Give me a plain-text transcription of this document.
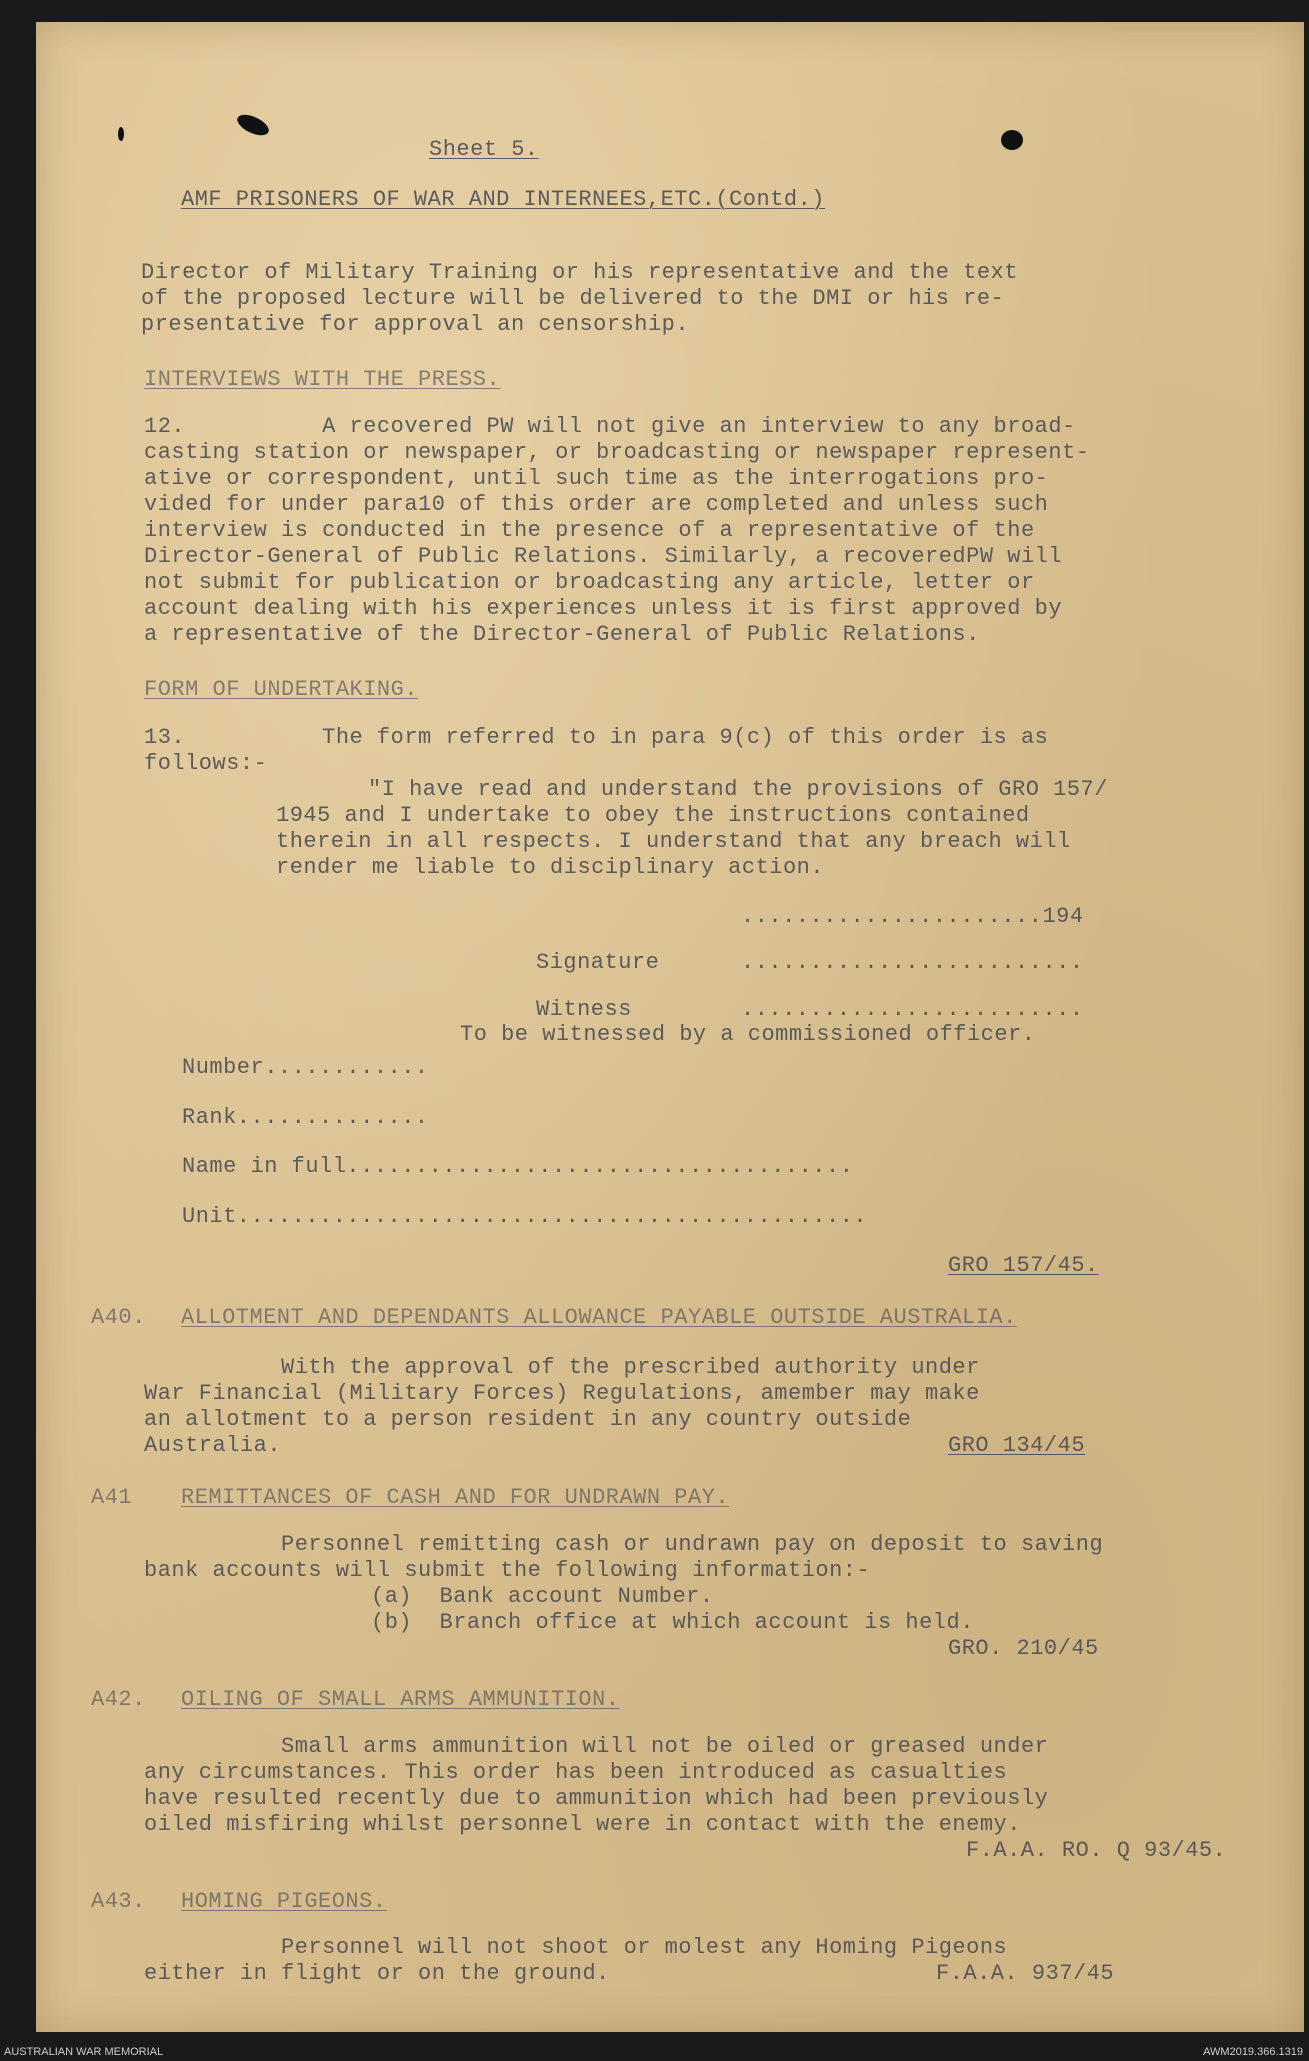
Sheet 5.
AMF PRISONERS OF WAR AND INTERNEES,ETC.(Contd.)
Director of Military Training or his representative and the text
of the proposed lecture will be delivered to the DMI or his re-
presentative for approval an censorship.
INTERVIEWS WITH THE PRESS.
12.          A recovered PW will not give an interview to any broad-
casting station or newspaper, or broadcasting or newspaper represent-
ative or correspondent, until such time as the interrogations pro-
vided for under para10 of this order are completed and unless such
interview is conducted in the presence of a representative of the
Director-General of Public Relations. Similarly, a recoveredPW will
not submit for publication or broadcasting any article, letter or
account dealing with his experiences unless it is first approved by
a representative of the Director-General of Public Relations.
FORM OF UNDERTAKING.
13.          The form referred to in para 9(c) of this order is as
follows:-
"I have read and understand the provisions of GRO 157/
1945 and I undertake to obey the instructions contained
therein in all respects. I understand that any breach will
render me liable to disciplinary action.
......................194
Signature	.........................
Witness	.........................
To be witnessed by a commissioned officer.
Number............
Rank..............
Name in full.....................................
Unit..............................................
GRO 157/45.
A40. ALLOTMENT AND DEPENDANTS ALLOWANCE PAYABLE OUTSIDE AUSTRALIA.
With the approval of the prescribed authority under
War Financial (Military Forces) Regulations, amember may make
an allotment to a person resident in any country outside
Australia.	GRO 134/45
A41 REMITTANCES OF CASH AND FOR UNDRAWN PAY.
Personnel remitting cash or undrawn pay on deposit to saving
bank accounts will submit the following information:-
(a)  Bank account Number.
(b)  Branch office at which account is held.
GRO. 210/45
A42. OILING OF SMALL ARMS AMMUNITION.
Small arms ammunition will not be oiled or greased under
any circumstances. This order has been introduced as casualties
have resulted recently due to ammunition which had been previously
oiled misfiring whilst personnel were in contact with the enemy.
F.A.A. RO. Q 93/45.
A43. HOMING PIGEONS.
Personnel will not shoot or molest any Homing Pigeons
either in flight or on the ground.	F.A.A. 937/45
AUSTRALIAN WAR MEMORIAL	AWM2019.366.1319
